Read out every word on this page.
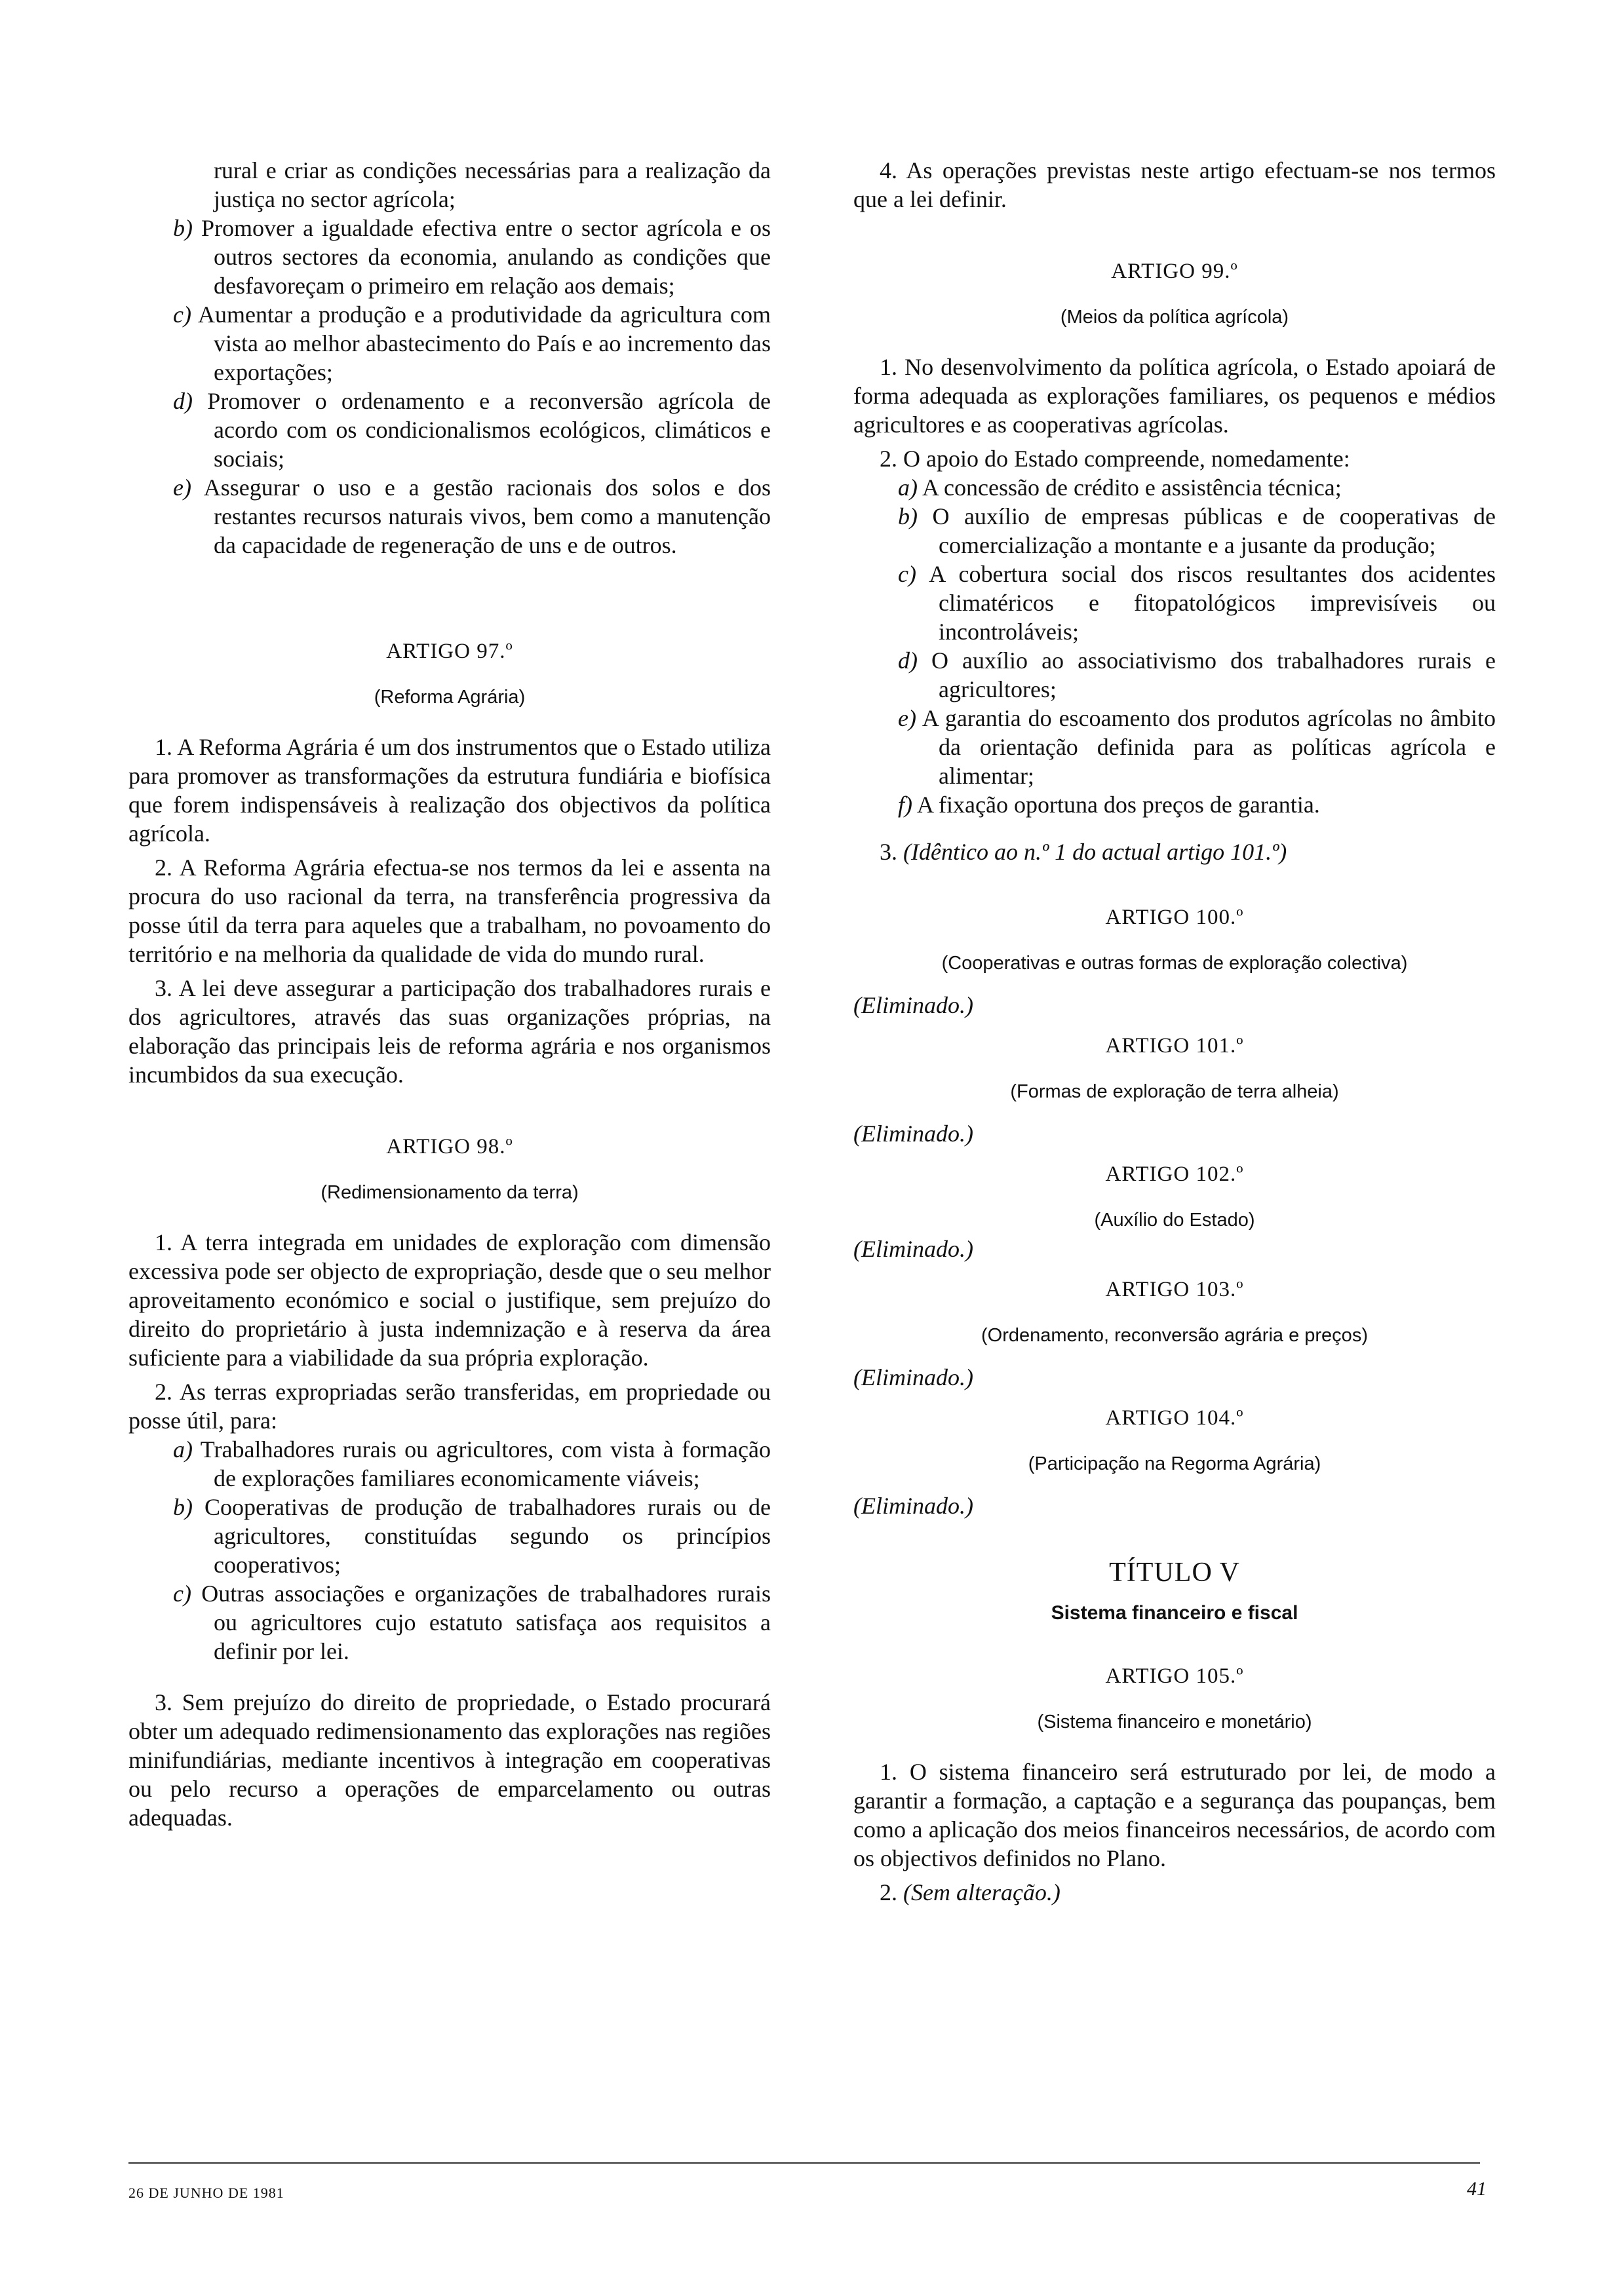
rural e criar as condições necessárias para a realização da justiça no sector agrícola;

b) Promover a igualdade efectiva entre o sector agrícola e os outros sectores da economia, anulando as condições que desfavoreçam o primeiro em relação aos demais;

c) Aumentar a produção e a produtividade da agricultura com vista ao melhor abastecimento do País e ao incremento das exportações;

d) Promover o ordenamento e a reconversão agrícola de acordo com os condicionalismos ecológicos, climáticos e sociais;

e) Assegurar o uso e a gestão racionais dos solos e dos restantes recursos naturais vivos, bem como a manutenção da capacidade de regeneração de uns e de outros.

ARTIGO 97.º

(Reforma Agrária)

1. A Reforma Agrária é um dos instrumentos que o Estado utiliza para promover as transformações da estrutura fundiária e biofísica que forem indispensáveis à realização dos objectivos da política agrícola.

2. A Reforma Agrária efectua-se nos termos da lei e assenta na procura do uso racional da terra, na transferência progressiva da posse útil da terra para aqueles que a trabalham, no povoamento do território e na melhoria da qualidade de vida do mundo rural.

3. A lei deve assegurar a participação dos trabalhadores rurais e dos agricultores, através das suas organizações próprias, na elaboração das principais leis de reforma agrária e nos organismos incumbidos da sua execução.

ARTIGO 98.º

(Redimensionamento da terra)

1. A terra integrada em unidades de exploração com dimensão excessiva pode ser objecto de expropriação, desde que o seu melhor aproveitamento económico e social o justifique, sem prejuízo do direito do proprietário à justa indemnização e à reserva da área suficiente para a viabilidade da sua própria exploração.

2. As terras expropriadas serão transferidas, em propriedade ou posse útil, para:

a) Trabalhadores rurais ou agricultores, com vista à formação de explorações familiares economicamente viáveis;

b) Cooperativas de produção de trabalhadores rurais ou de agricultores, constituídas segundo os princípios cooperativos;

c) Outras associações e organizações de trabalhadores rurais ou agricultores cujo estatuto satisfaça aos requisitos a definir por lei.

3. Sem prejuízo do direito de propriedade, o Estado procurará obter um adequado redimensionamento das explorações nas regiões minifundiárias, mediante incentivos à integração em cooperativas ou pelo recurso a operações de emparcelamento ou outras adequadas.

4. As operações previstas neste artigo efectuam-se nos termos que a lei definir.

ARTIGO 99.º

(Meios da política agrícola)

1. No desenvolvimento da política agrícola, o Estado apoiará de forma adequada as explorações familiares, os pequenos e médios agricultores e as cooperativas agrícolas.

2. O apoio do Estado compreende, nomedamente:

a) A concessão de crédito e assistência técnica;

b) O auxílio de empresas públicas e de cooperativas de comercialização a montante e a jusante da produção;

c) A cobertura social dos riscos resultantes dos acidentes climatéricos e fitopatológicos imprevisíveis ou incontroláveis;

d) O auxílio ao associativismo dos trabalhadores rurais e agricultores;

e) A garantia do escoamento dos produtos agrícolas no âmbito da orientação definida para as políticas agrícola e alimentar;

f) A fixação oportuna dos preços de garantia.

3. (Idêntico ao n.º 1 do actual artigo 101.º)

ARTIGO 100.º

(Cooperativas e outras formas de exploração colectiva)

(Eliminado.)

ARTIGO 101.º

(Formas de exploração de terra alheia)

(Eliminado.)

ARTIGO 102.º

(Auxílio do Estado)

(Eliminado.)

ARTIGO 103.º

(Ordenamento, reconversão agrária e preços)

(Eliminado.)

ARTIGO 104.º

(Participação na Regorma Agrária)

(Eliminado.)

TÍTULO V

Sistema financeiro e fiscal

ARTIGO 105.º

(Sistema financeiro e monetário)

1. O sistema financeiro será estruturado por lei, de modo a garantir a formação, a captação e a segurança das poupanças, bem como a aplicação dos meios financeiros necessários, de acordo com os objectivos definidos no Plano.

2. (Sem alteração.)

26 DE JUNHO DE 1981	41
